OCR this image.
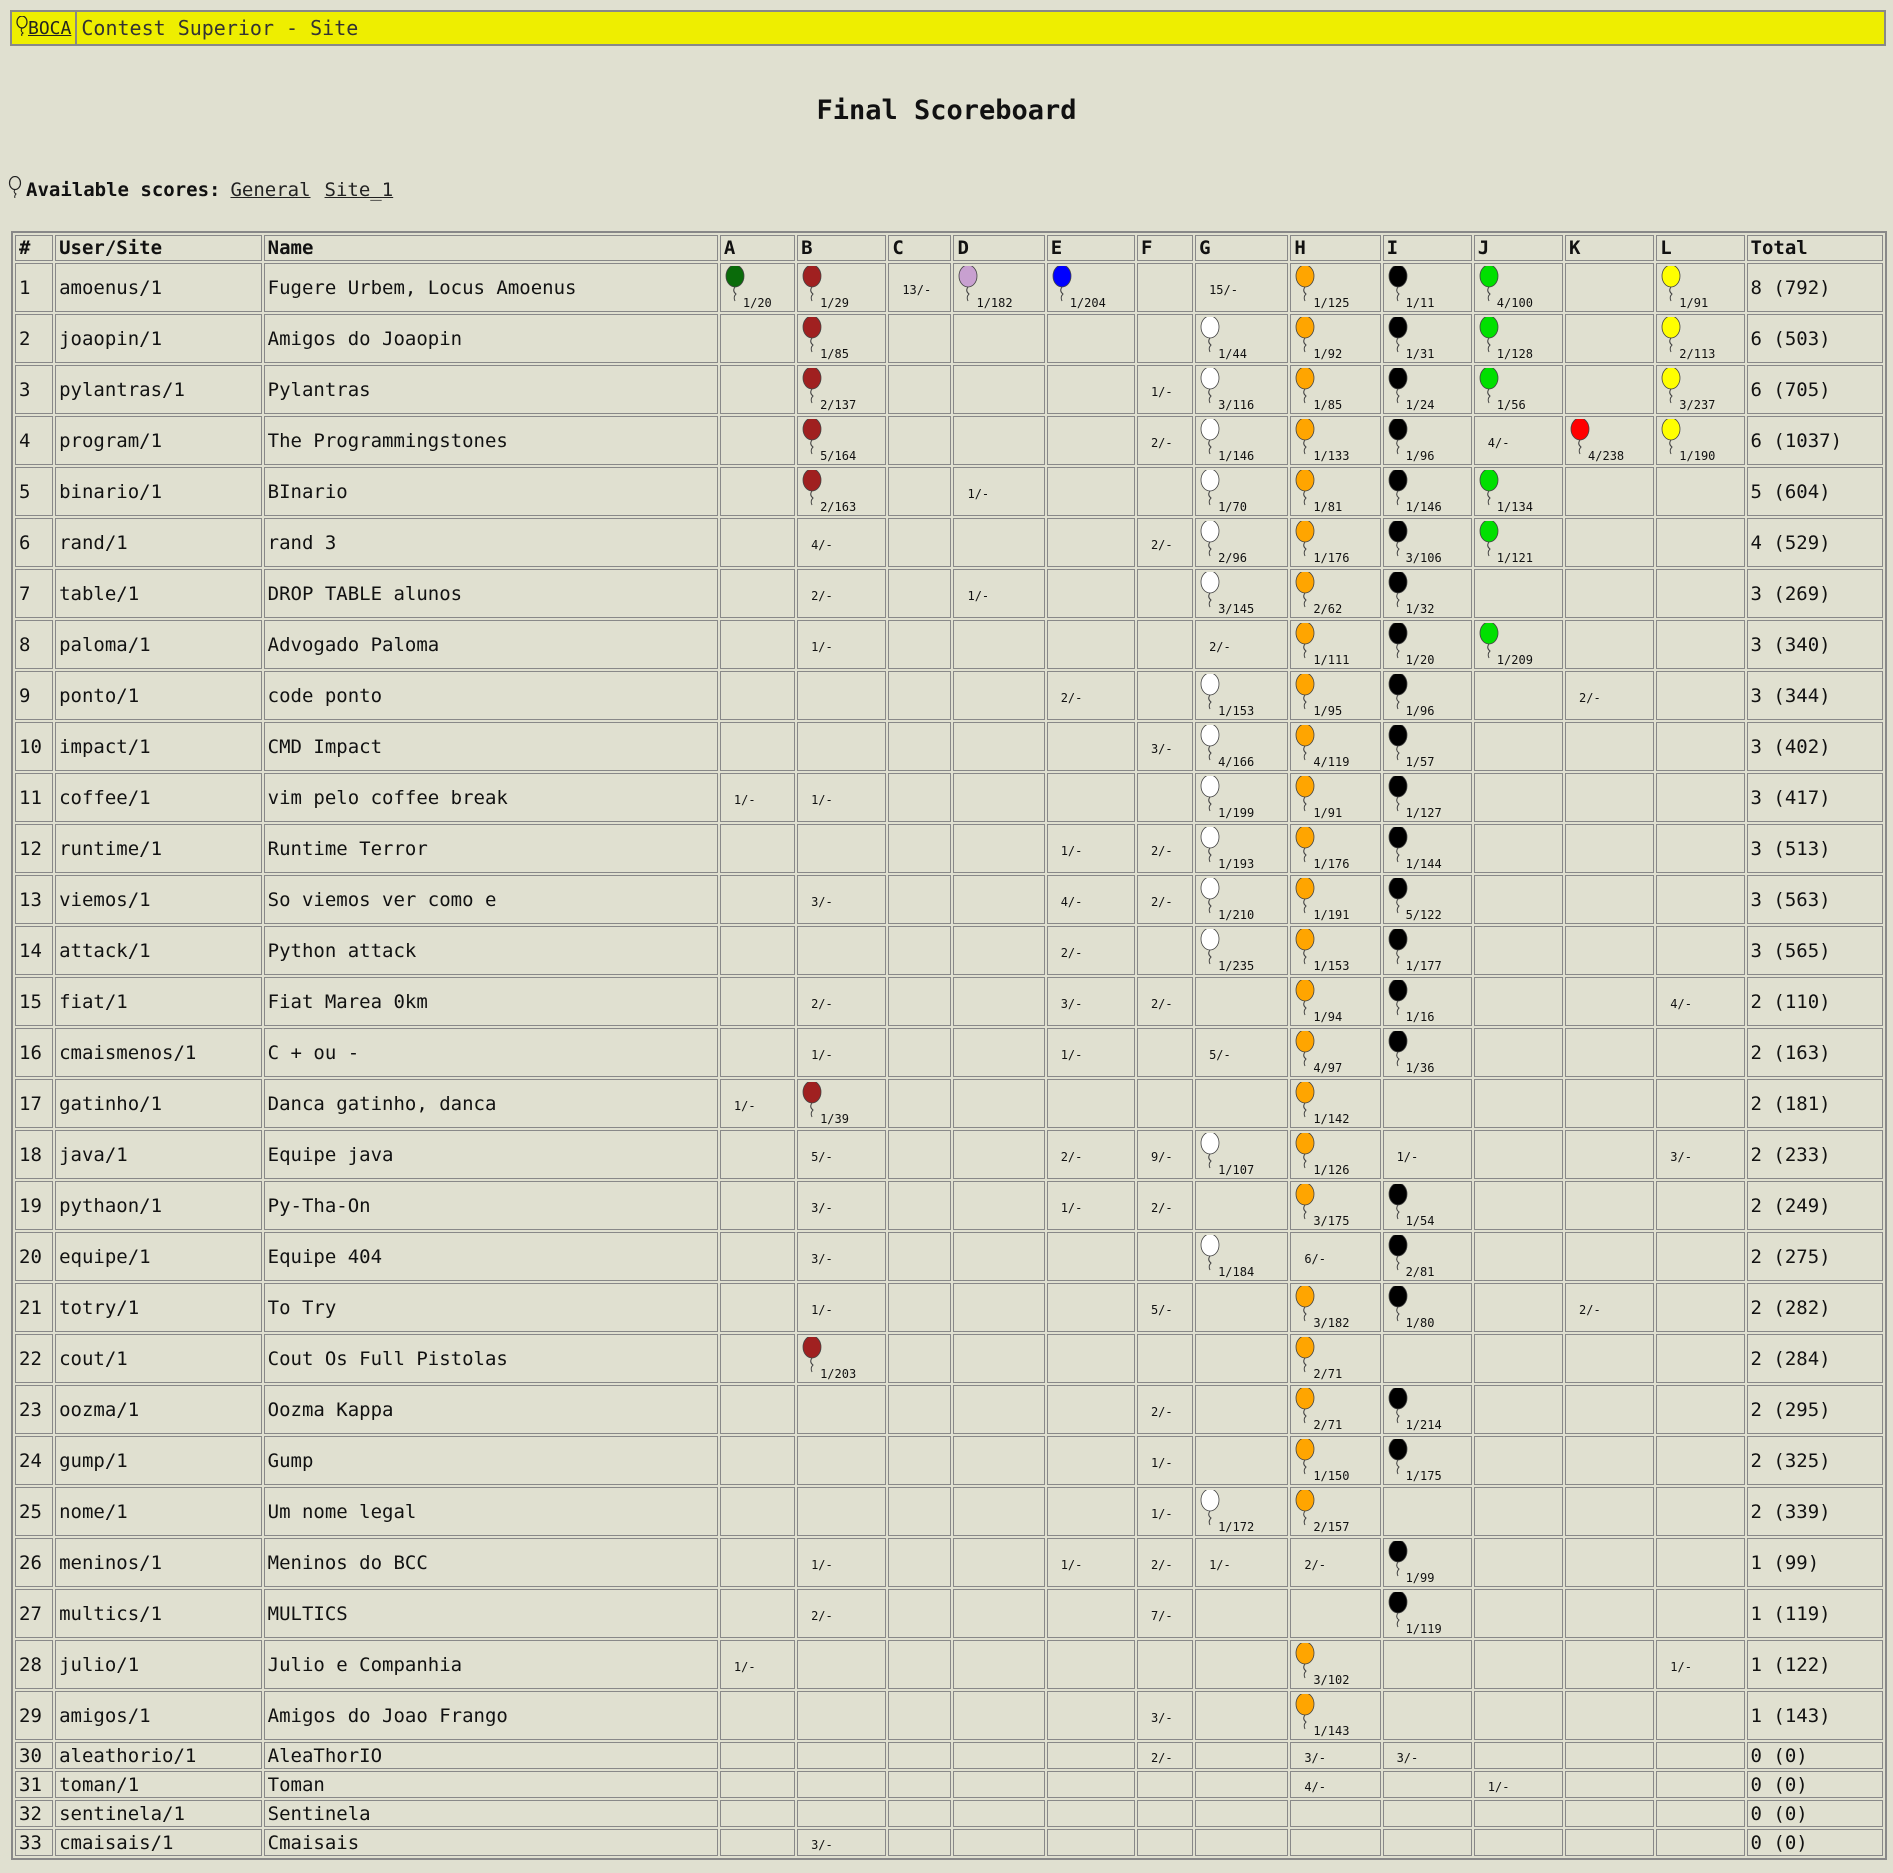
BOCA Contest Superior - Site
Final Scoreboard
Available scores: General Site_1
#	User/Site	Name	A	B	C	D	E	F	G	H	I	J	K	L	Total
1	amoenus/1	Fugere Urbem, Locus Amoenus	1/20	1/29	13/-	1/182	1/204		15/-	1/125	1/11	4/100		1/91	8 (792)
2	joaopin/1	Amigos do Joaopin		1/85					1/44	1/92	1/31	1/128		2/113	6 (503)
3	pylantras/1	Pylantras		2/137				1/-	3/116	1/85	1/24	1/56		3/237	6 (705)
4	program/1	The Programmingstones		5/164				2/-	1/146	1/133	1/96	4/-	4/238	1/190	6 (1037)
5	binario/1	BInario		2/163		1/-			1/70	1/81	1/146	1/134			5 (604)
6	rand/1	rand 3		4/-				2/-	2/96	1/176	3/106	1/121			4 (529)
7	table/1	DROP TABLE alunos		2/-		1/-			3/145	2/62	1/32				3 (269)
8	paloma/1	Advogado Paloma		1/-					2/-	1/111	1/20	1/209			3 (340)
9	ponto/1	code ponto					2/-		1/153	1/95	1/96		2/-		3 (344)
10	impact/1	CMD Impact						3/-	4/166	4/119	1/57				3 (402)
11	coffee/1	vim pelo coffee break	1/-	1/-					1/199	1/91	1/127				3 (417)
12	runtime/1	Runtime Terror					1/-	2/-	1/193	1/176	1/144				3 (513)
13	viemos/1	So viemos ver como e		3/-			4/-	2/-	1/210	1/191	5/122				3 (563)
14	attack/1	Python attack					2/-		1/235	1/153	1/177				3 (565)
15	fiat/1	Fiat Marea 0km		2/-			3/-	2/-		1/94	1/16			4/-	2 (110)
16	cmaismenos/1	C + ou -		1/-			1/-		5/-	4/97	1/36				2 (163)
17	gatinho/1	Danca gatinho, danca	1/-	1/39						1/142					2 (181)
18	java/1	Equipe java		5/-			2/-	9/-	1/107	1/126	1/-			3/-	2 (233)
19	pythaon/1	Py-Tha-On		3/-			1/-	2/-		3/175	1/54				2 (249)
20	equipe/1	Equipe 404		3/-					1/184	6/-	2/81				2 (275)
21	totry/1	To Try		1/-				5/-		3/182	1/80		2/-		2 (282)
22	cout/1	Cout Os Full Pistolas		1/203						2/71					2 (284)
23	oozma/1	Oozma Kappa						2/-		2/71	1/214				2 (295)
24	gump/1	Gump						1/-		1/150	1/175				2 (325)
25	nome/1	Um nome legal						1/-	1/172	2/157					2 (339)
26	meninos/1	Meninos do BCC		1/-			1/-	2/-	1/-	2/-	1/99				1 (99)
27	multics/1	MULTICS		2/-				7/-			1/119				1 (119)
28	julio/1	Julio e Companhia	1/-							3/102				1/-	1 (122)
29	amigos/1	Amigos do Joao Frango						3/-		1/143					1 (143)
30	aleathorio/1	AleaThorIO						2/-		3/-	3/-				0 (0)
31	toman/1	Toman								4/-		1/-			0 (0)
32	sentinela/1	Sentinela													0 (0)
33	cmaisais/1	Cmaisais		3/-											0 (0)
